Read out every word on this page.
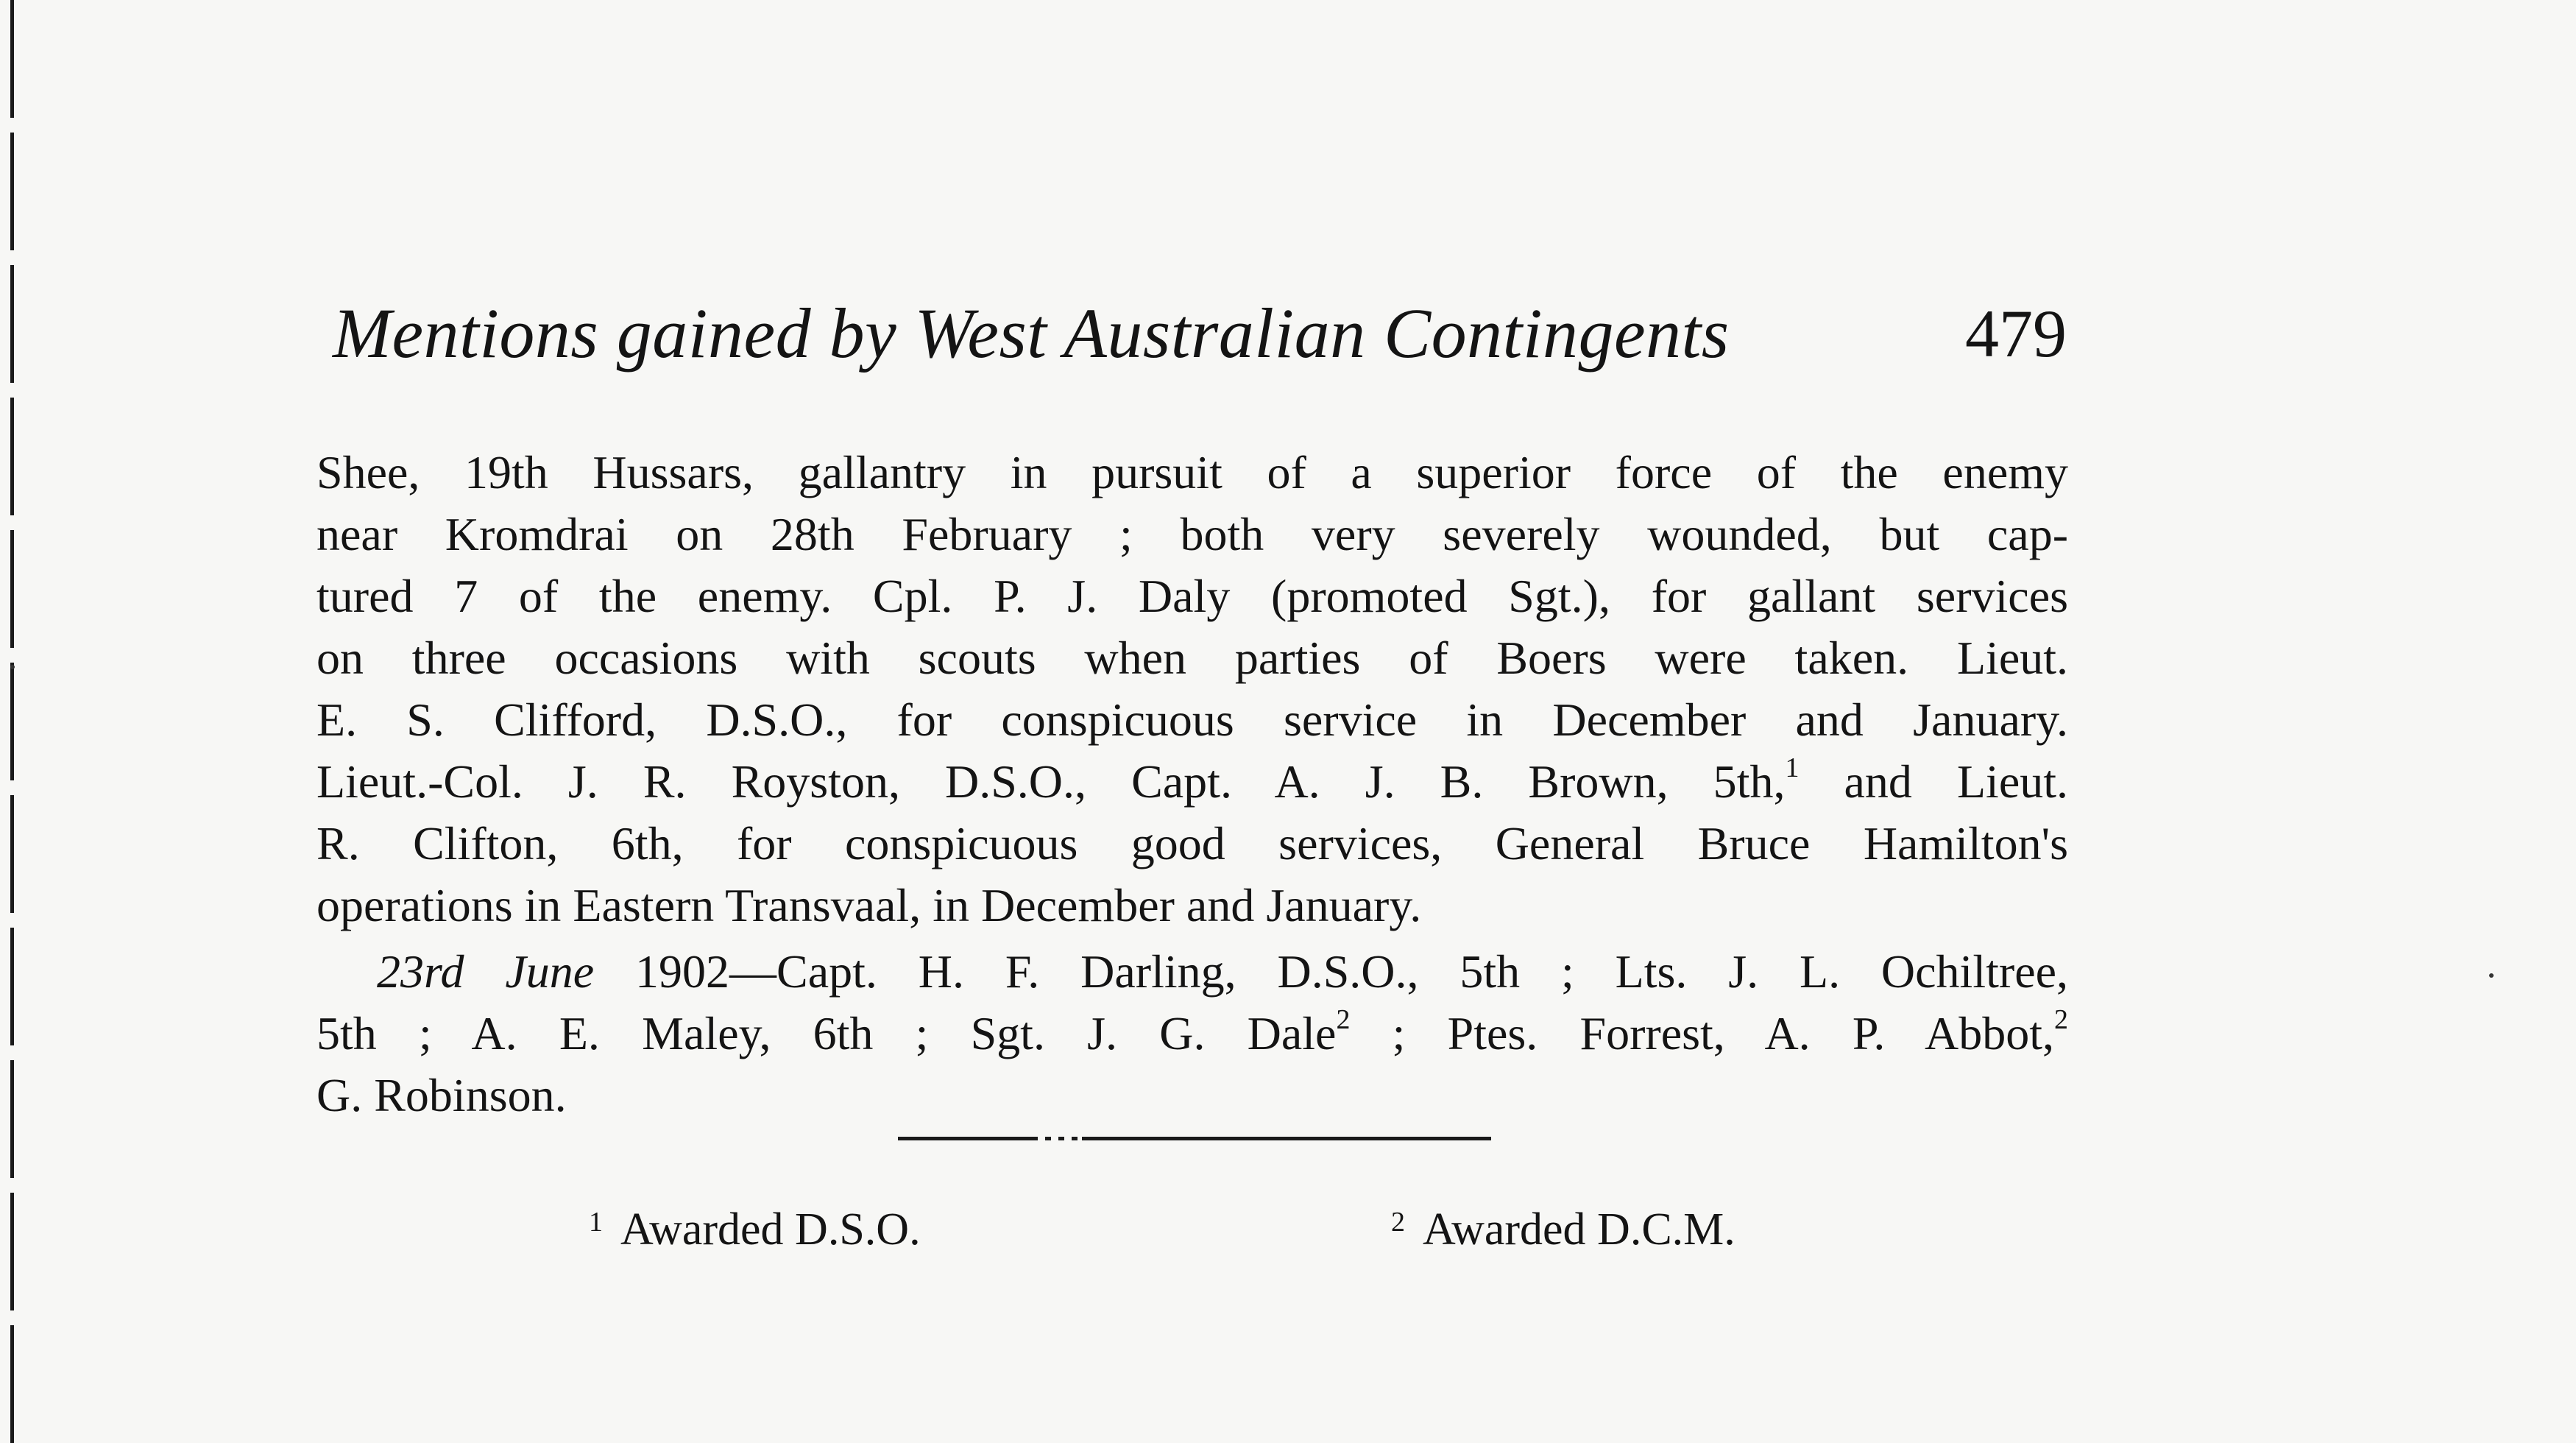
Mentions gained by West Australian Contingents	479
Shee, 19th Hussars, gallantry in pursuit of a superior force of the enemy
near Kromdrai on 28th February ; both very severely wounded, but cap-
tured 7 of the enemy. Cpl. P. J. Daly (promoted Sgt.), for gallant services
on three occasions with scouts when parties of Boers were taken. Lieut.
E. S. Clifford, D.S.O., for conspicuous service in December and January.
Lieut.-Col. J. R. Royston, D.S.O., Capt. A. J. B. Brown, 5th,$^1$ and Lieut.
R. Clifton, 6th, for conspicuous good services, General Bruce Hamilton's
operations in Eastern Transvaal, in December and January.
23rd June 1902—Capt. H. F. Darling, D.S.O., 5th ; Lts. J. L. Ochiltree,
5th ; A. E. Maley, 6th ; Sgt. J. G. Dale$^2$ ; Ptes. Forrest, A. P. Abbot,$^2$
G. Robinson.
$^1$ Awarded D.S.O.	$^2$ Awarded D.C.M.
